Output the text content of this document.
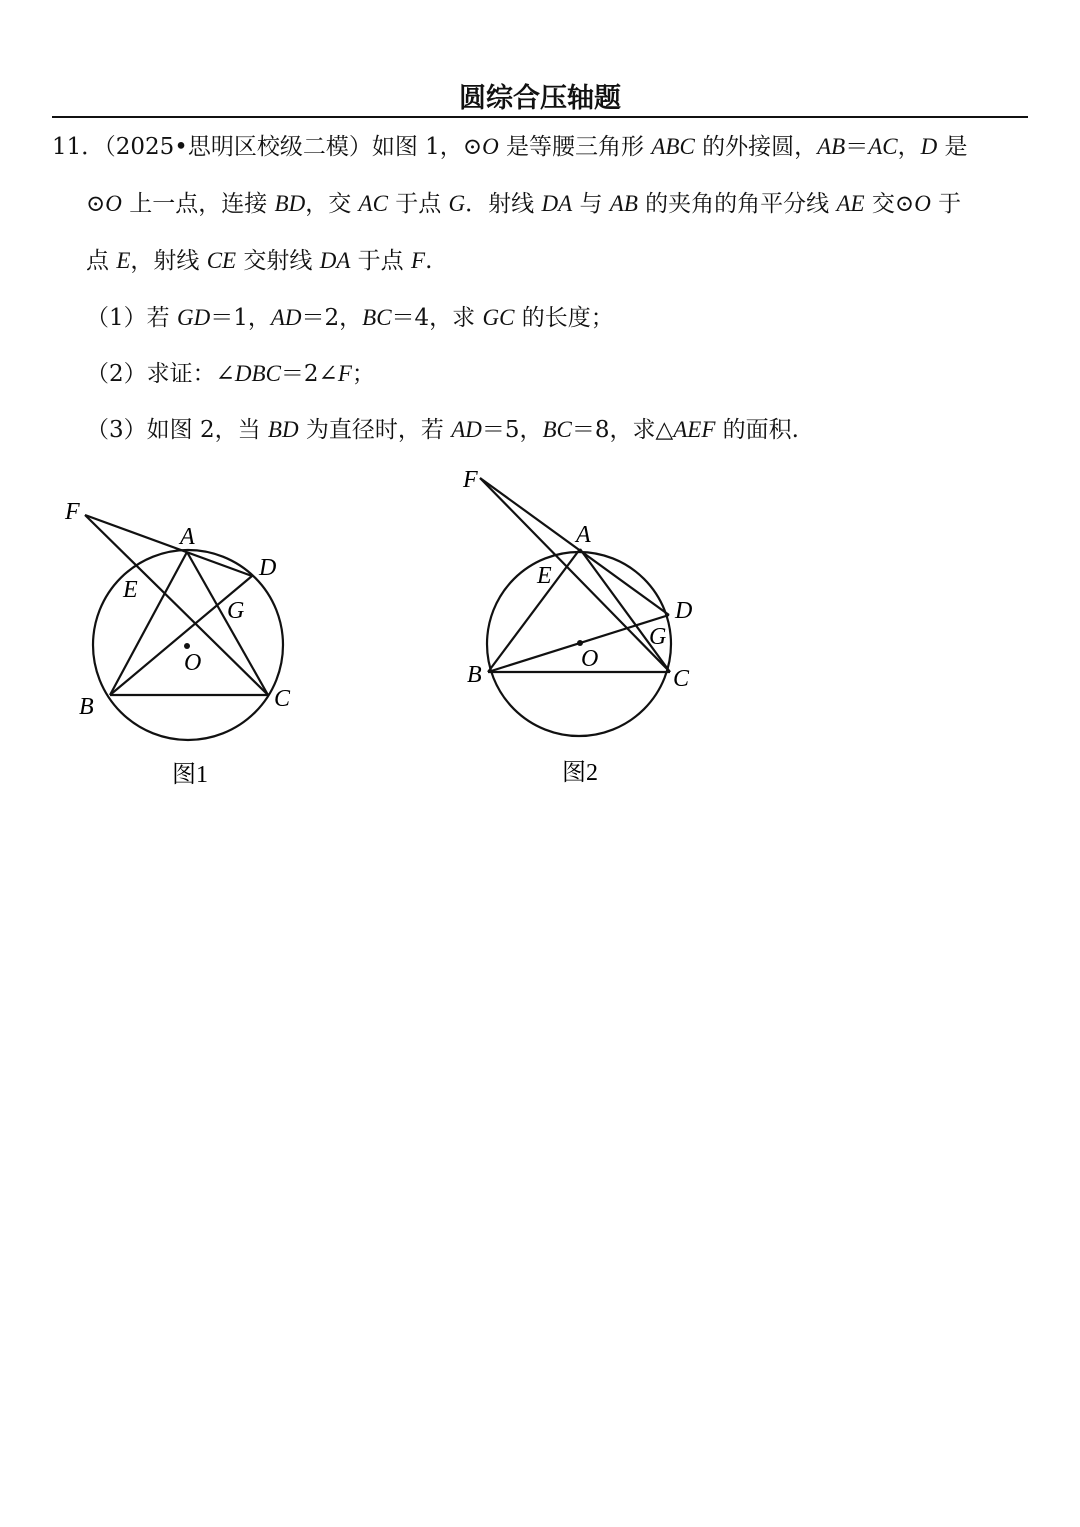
圆综合压轴题
11．（2025•思明区校级二模）如图 1，⊙O 是等腰三角形 ABC 的外接圆，AB＝AC，D 是
⊙O 上一点，连接 BD，交 AC 于点 G．射线 DA 与 AB 的夹角的角平分线 AE 交⊙O 于
点 E，射线 CE 交射线 DA 于点 F.
（1）若 GD＝1，AD＝2，BC＝4，求 GC 的长度；
（2）求证：∠DBC＝2∠F；
（3）如图 2，当 BD 为直径时，若 AD＝5，BC＝8，求△AEF 的面积.
F
A
D
E
G
O
B	C
图1
F
A
E
D
G
O
B	C
图2
